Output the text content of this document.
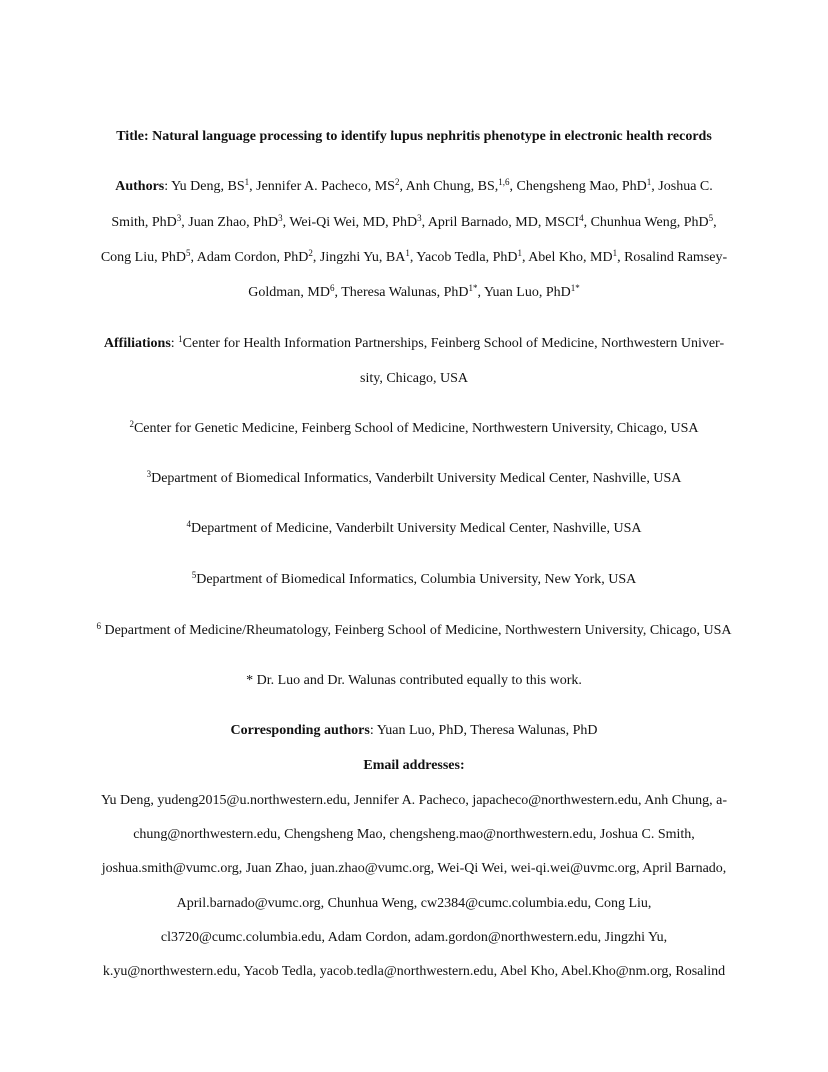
Title: Natural language processing to identify lupus nephritis phenotype in electronic health records
Authors: Yu Deng, $BS^1$, Jennifer A. Pacheco, $MS^2$, Anh Chung, BS,$^{1,6}$, Chengsheng Mao, PhD$^1$, Joshua C.
Smith, PhD$^3$, Juan Zhao, PhD$^3$, Wei-Qi Wei, MD, PhD$^3$, April Barnado, MD, MSCI$^4$, Chunhua Weng, PhD$^5$,
Cong Liu, PhD$^5$, Adam Cordon, PhD$^2$, Jingzhi Yu, $BA^1$, Yacob Tedla, PhD$^1$, Abel Kho, $MD^1$, Rosalind Ramsey-
Goldman, $MD^6$, Theresa Walunas, PhD$^{1*}$, Yuan Luo, PhD$^{1*}$
Affiliations: $^1$Center for Health Information Partnerships, Feinberg School of Medicine, Northwestern Univer-
sity, Chicago, USA
$^2$Center for Genetic Medicine, Feinberg School of Medicine, Northwestern University, Chicago, USA
$^3$Department of Biomedical Informatics, Vanderbilt University Medical Center, Nashville, USA
$^4$Department of Medicine, Vanderbilt University Medical Center, Nashville, USA
$^5$Department of Biomedical Informatics, Columbia University, New York, USA
$^6$ Department of Medicine/Rheumatology, Feinberg School of Medicine, Northwestern University, Chicago, USA
* Dr. Luo and Dr. Walunas contributed equally to this work.
Corresponding authors: Yuan Luo, PhD, Theresa Walunas, PhD
Email addresses:
Yu Deng, yudeng2015@u.northwestern.edu, Jennifer A. Pacheco, japacheco@northwestern.edu, Anh Chung, a-
chung@northwestern.edu, Chengsheng Mao, chengsheng.mao@northwestern.edu, Joshua C. Smith,
joshua.smith@vumc.org, Juan Zhao, juan.zhao@vumc.org, Wei-Qi Wei, wei-qi.wei@uvmc.org, April Barnado,
April.barnado@vumc.org, Chunhua Weng, cw2384@cumc.columbia.edu, Cong Liu,
cl3720@cumc.columbia.edu, Adam Cordon, adam.gordon@northwestern.edu, Jingzhi Yu,
k.yu@northwestern.edu, Yacob Tedla, yacob.tedla@northwestern.edu, Abel Kho, Abel.Kho@nm.org, Rosalind
